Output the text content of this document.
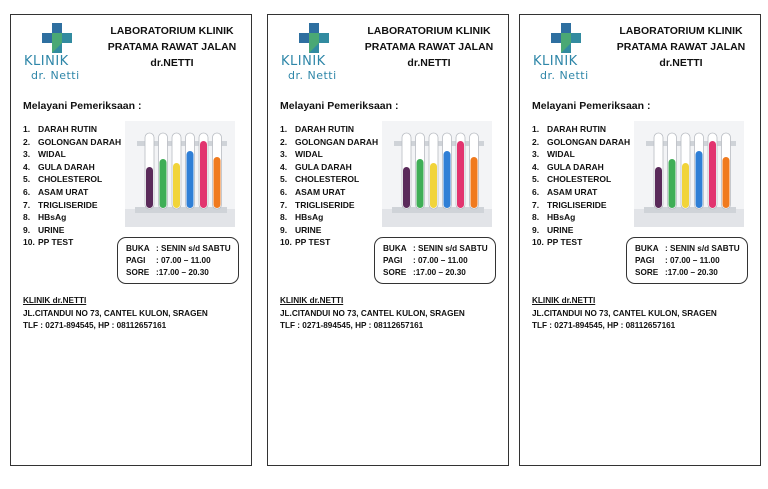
KLINIK
dr. Netti
LABORATORIUM KLINIK
PRATAMA RAWAT JALAN
dr.NETTI
Melayani Pemeriksaan :
1. DARAH RUTIN
2. GOLONGAN DARAH
3. WIDAL
4. GULA DARAH
5. CHOLESTEROL
6. ASAM URAT
7. TRIGLISERIDE
8. HBsAg
9. URINE
10. PP TEST
BUKA : SENIN s/d SABTU
PAGI : 07.00 – 11.00
SORE :17.00 – 20.30
KLINIK dr.NETTI
JL.CITANDUI NO 73, CANTEL KULON, SRAGEN
TLF : 0271-894545, HP : 08112657161
KLINIK
dr. Netti
LABORATORIUM KLINIK
PRATAMA RAWAT JALAN
dr.NETTI
Melayani Pemeriksaan :
1. DARAH RUTIN
2. GOLONGAN DARAH
3. WIDAL
4. GULA DARAH
5. CHOLESTEROL
6. ASAM URAT
7. TRIGLISERIDE
8. HBsAg
9. URINE
10. PP TEST
BUKA : SENIN s/d SABTU
PAGI : 07.00 – 11.00
SORE :17.00 – 20.30
KLINIK dr.NETTI
JL.CITANDUI NO 73, CANTEL KULON, SRAGEN
TLF : 0271-894545, HP : 08112657161
KLINIK
dr. Netti
LABORATORIUM KLINIK
PRATAMA RAWAT JALAN
dr.NETTI
Melayani Pemeriksaan :
1. DARAH RUTIN
2. GOLONGAN DARAH
3. WIDAL
4. GULA DARAH
5. CHOLESTEROL
6. ASAM URAT
7. TRIGLISERIDE
8. HBsAg
9. URINE
10. PP TEST
BUKA : SENIN s/d SABTU
PAGI : 07.00 – 11.00
SORE :17.00 – 20.30
KLINIK dr.NETTI
JL.CITANDUI NO 73, CANTEL KULON, SRAGEN
TLF : 0271-894545, HP : 08112657161
